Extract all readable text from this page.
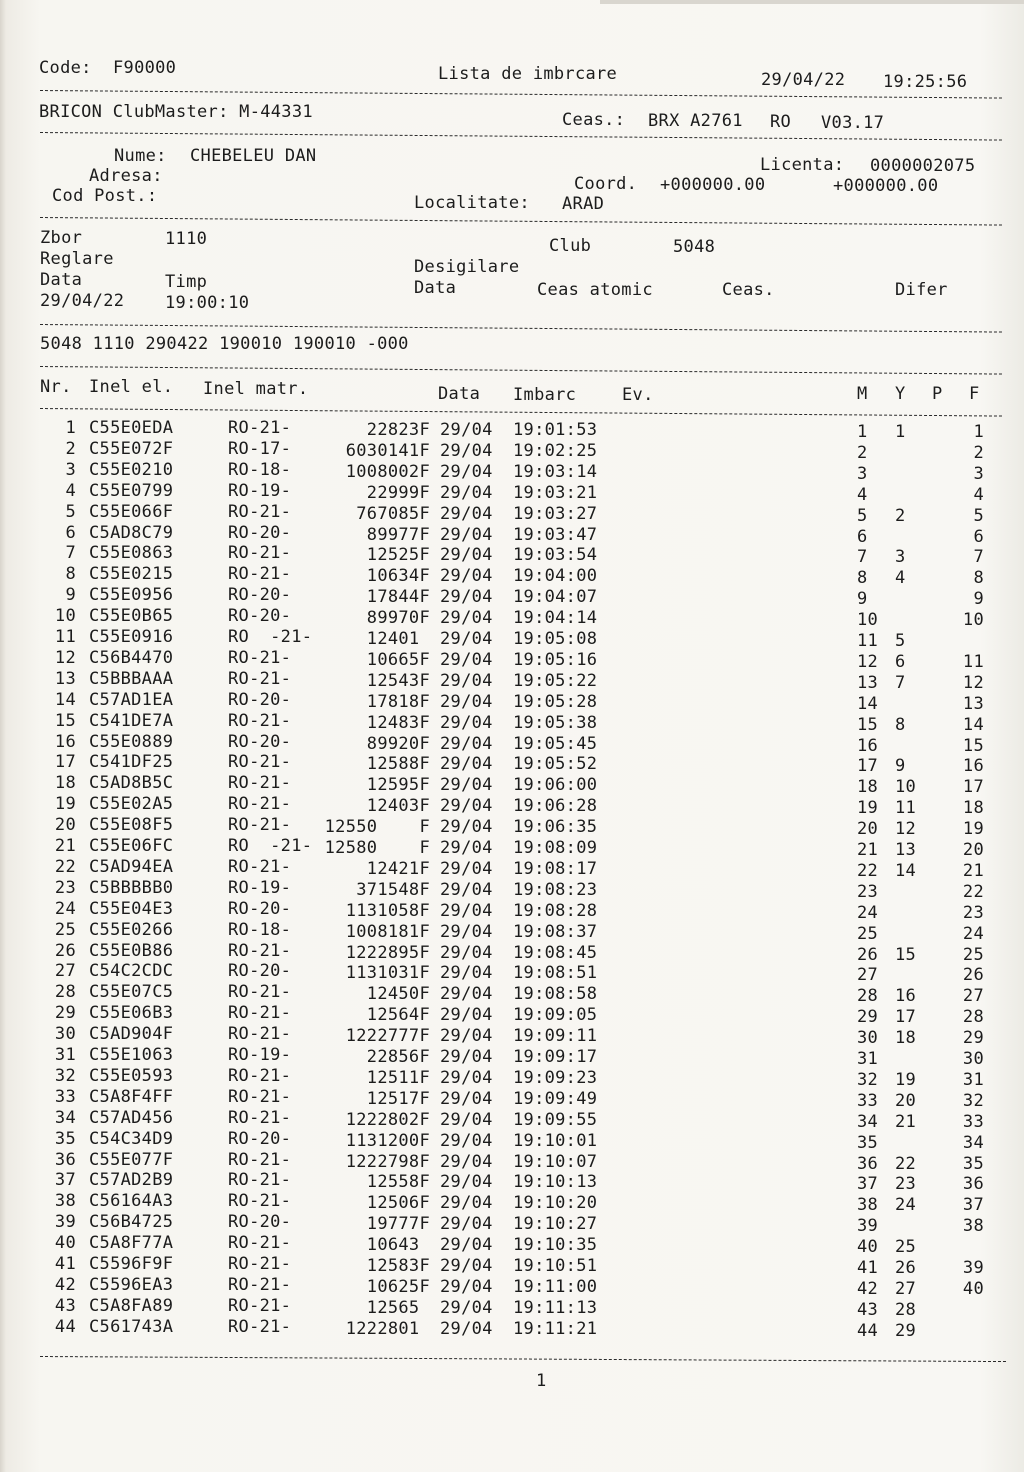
Code: F90000	Lista de imbrcare	29/04/22 19:25:56
BRICON ClubMaster: M-44331	Ceas.: BRX A2761 RO V03.17
Nume: CHEBELEU DAN
Adresa:
Cod Post.:
Licenta: 0000002075
Coord. +000000.00	+000000.00
Localitate: ARAD
Zbor	1110	Club	5048
Reglare	Desigilare
Data	Timp	Data	Ceas atomic	Ceas.	Difer
29/04/22 19:00:10
5048 1110 290422 190010 190010 -000
Nr. Inel el. Inel matr.	Data Imbarc	Ev.	M Y P F
1 C55E0EDA	RO-21-	22823F 29/04 19:01:53	1 1	1
2 C55E072F	RO-17-	6030141F 29/04 19:02:25	2	2
3 C55E0210	RO-18-	1008002F 29/04 19:03:14	3	3
4 C55E0799	RO-19-	22999F 29/04 19:03:21	4	4
5 C55E066F	RO-21-	767085F 29/04 19:03:27	5 2	5
6 C5AD8C79	RO-20-	89977F 29/04 19:03:47	6	6
7 C55E0863	RO-21-	12525F 29/04 19:03:54	7 3	7
8 C55E0215	RO-21-	10634F 29/04 19:04:00	8 4	8
9 C55E0956	RO-20-	17844F 29/04 19:04:07	9	9
10 C55E0B65	RO-20-	89970F 29/04 19:04:14	10	10
11 C55E0916	RO  -21-	12401 29/04 19:05:08	11 5
12 C56B4470	RO-21-	10665F 29/04 19:05:16	12 6	11
13 C5BBBAAA	RO-21-	12543F 29/04 19:05:22	13 7	12
14 C57AD1EA	RO-20-	17818F 29/04 19:05:28	14	13
15 C541DE7A	RO-21-	12483F 29/04 19:05:38	15 8	14
16 C55E0889	RO-20-	89920F 29/04 19:05:45	16	15
17 C541DF25	RO-21-	12588F 29/04 19:05:52	17 9	16
18 C5AD8B5C	RO-21-	12595F 29/04 19:06:00	18 10	17
19 C55E02A5	RO-21-	12403F 29/04 19:06:28	19 11	18
20 C55E08F5	RO-21- 12550    F 29/04 19:06:35	20 12	19
21 C55E06FC	RO  -21- 12580    F 29/04 19:08:09	21 13	20
22 C5AD94EA	RO-21-	12421F 29/04 19:08:17	22 14	21
23 C5BBBBB0	RO-19-	371548F 29/04 19:08:23	23	22
24 C55E04E3	RO-20-	1131058F 29/04 19:08:28	24	23
25 C55E0266	RO-18-	1008181F 29/04 19:08:37	25	24
26 C55E0B86	RO-21-	1222895F 29/04 19:08:45	26 15	25
27 C54C2CDC	RO-20-	1131031F 29/04 19:08:51	27	26
28 C55E07C5	RO-21-	12450F 29/04 19:08:58	28 16	27
29 C55E06B3	RO-21-	12564F 29/04 19:09:05	29 17	28
30 C5AD904F	RO-21-	1222777F 29/04 19:09:11	30 18	29
31 C55E1063	RO-19-	22856F 29/04 19:09:17	31	30
32 C55E0593	RO-21-	12511F 29/04 19:09:23	32 19	31
33 C5A8F4FF	RO-21-	12517F 29/04 19:09:49	33 20	32
34 C57AD456	RO-21-	1222802F 29/04 19:09:55	34 21	33
35 C54C34D9	RO-20-	1131200F 29/04 19:10:01	35	34
36 C55E077F	RO-21-	1222798F 29/04 19:10:07	36 22	35
37 C57AD2B9	RO-21-	12558F 29/04 19:10:13	37 23	36
38 C56164A3	RO-21-	12506F 29/04 19:10:20	38 24	37
39 C56B4725	RO-20-	19777F 29/04 19:10:27	39	38
40 C5A8F77A	RO-21-	10643 29/04 19:10:35	40 25
41 C5596F9F	RO-21-	12583F 29/04 19:10:51	41 26	39
42 C5596EA3	RO-21-	10625F 29/04 19:11:00	42 27	40
43 C5A8FA89	RO-21-	12565 29/04 19:11:13	43 28
44 C561743A	RO-21-	1222801 29/04 19:11:21	44 29
1
